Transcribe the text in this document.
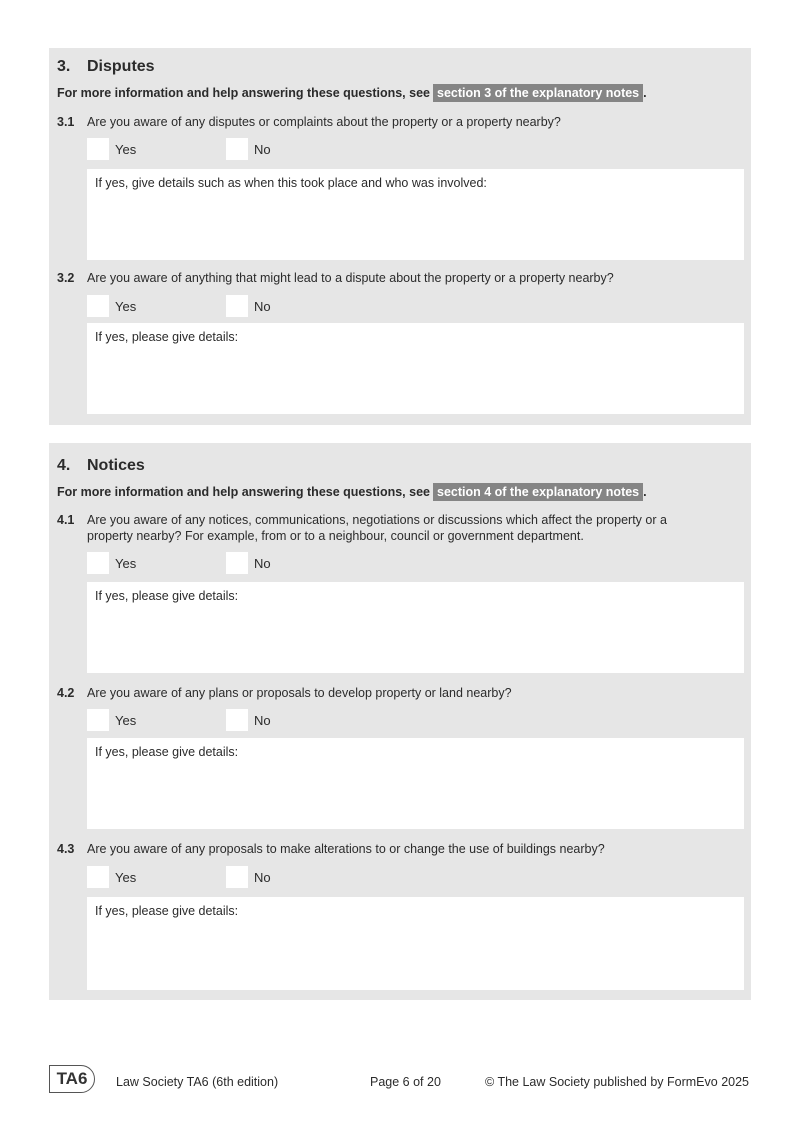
3. Disputes
For more information and help answering these questions, see section 3 of the explanatory notes .
3.1 Are you aware of any disputes or complaints about the property or a property nearby?
Yes	No
If yes, give details such as when this took place and who was involved:
3.2 Are you aware of anything that might lead to a dispute about the property or a property nearby?
Yes	No
If yes, please give details:
4. Notices
For more information and help answering these questions, see section 4 of the explanatory notes .
4.1 Are you aware of any notices, communications, negotiations or discussions which affect the property or a property nearby? For example, from or to a neighbour, council or government department.
Yes	No
If yes, please give details:
4.2 Are you aware of any plans or proposals to develop property or land nearby?
Yes	No
If yes, please give details:
4.3 Are you aware of any proposals to make alterations to or change the use of buildings nearby?
Yes	No
If yes, please give details:
TA6	Law Society TA6 (6th edition)	Page 6 of 20	© The Law Society published by FormEvo 2025
